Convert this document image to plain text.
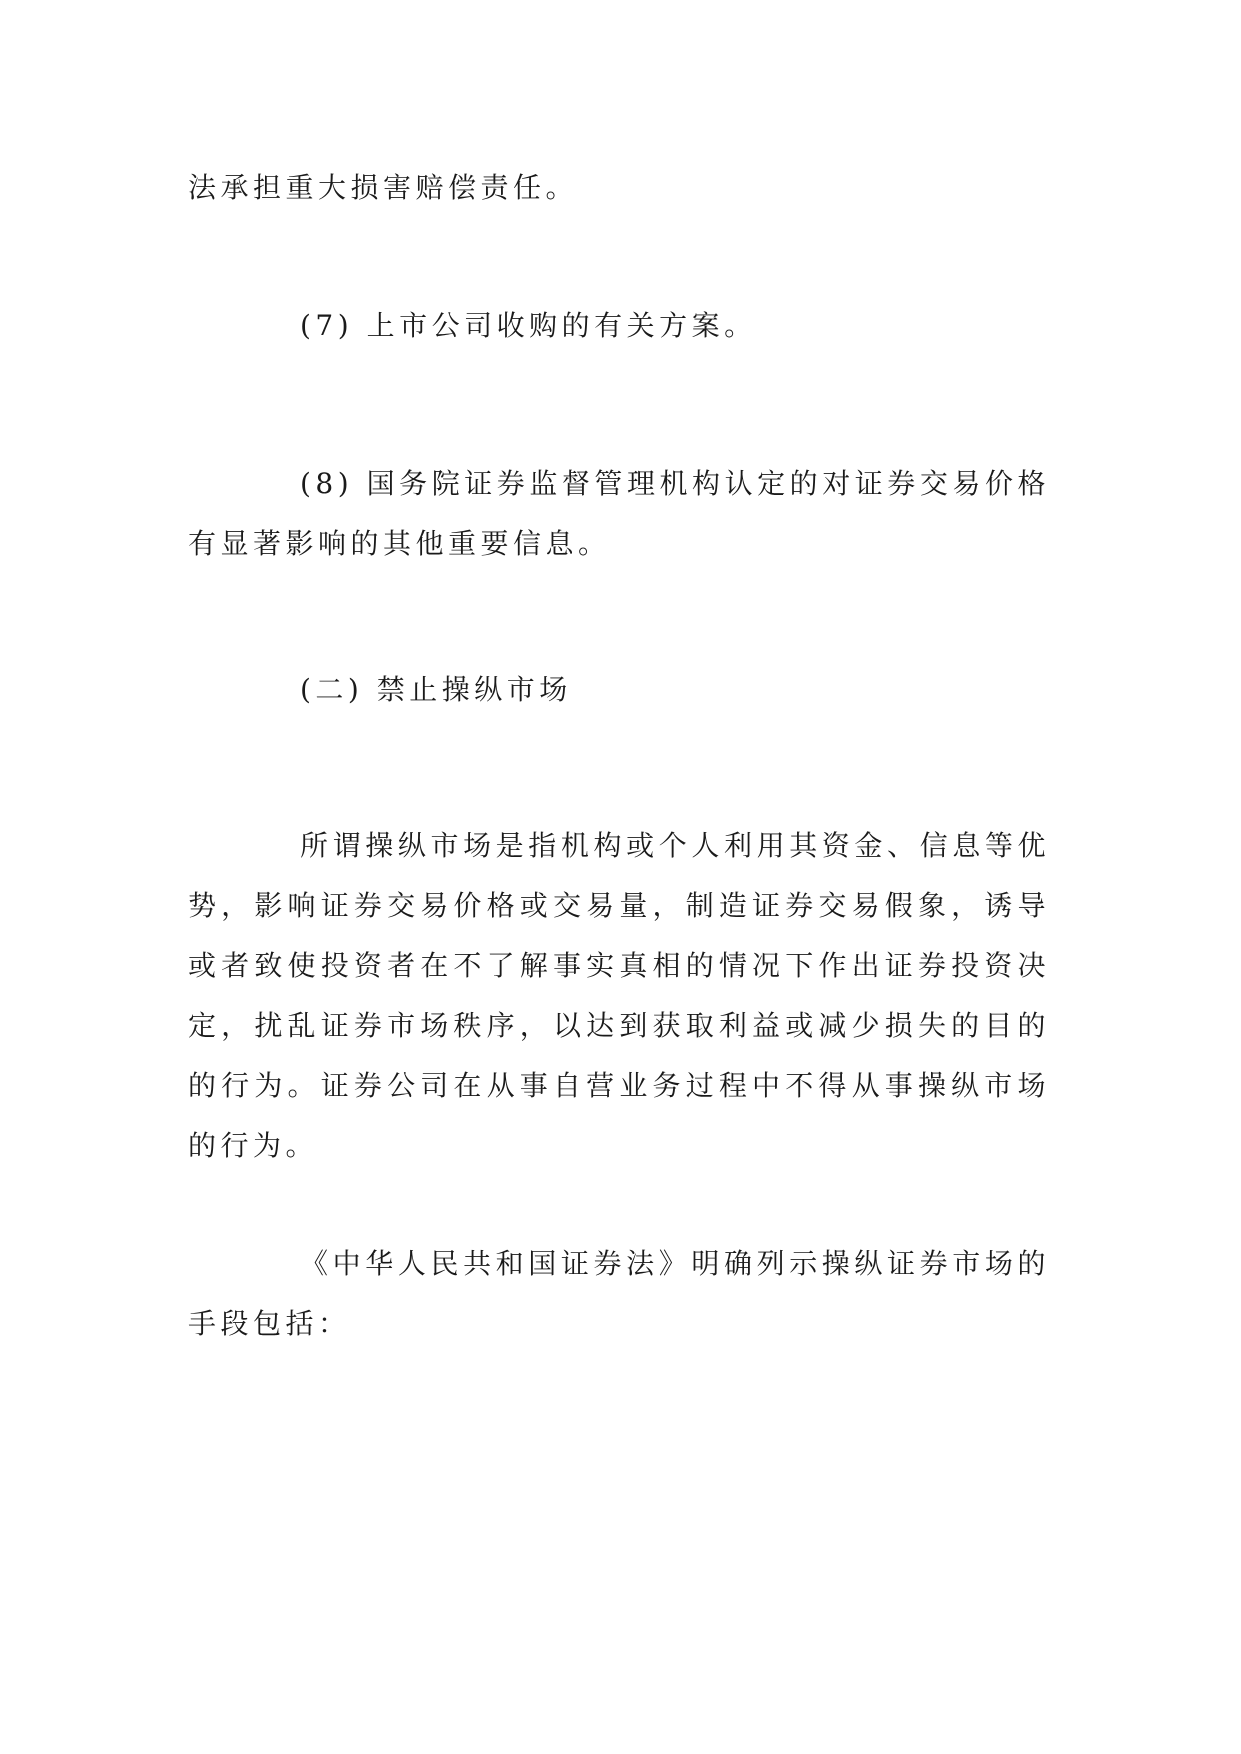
法承担重大损害赔偿责任。

(7) 上市公司收购的有关方案。

(8) 国务院证券监督管理机构认定的对证券交易价格有显著影响的其他重要信息。

(二) 禁止操纵市场

所谓操纵市场是指机构或个人利用其资金、信息等优势，影响证券交易价格或交易量，制造证券交易假象，诱导或者致使投资者在不了解事实真相的情况下作出证券投资决定，扰乱证券市场秩序，以达到获取利益或减少损失的目的的行为。证券公司在从事自营业务过程中不得从事操纵市场的行为。

《中华人民共和国证券法》明确列示操纵证券市场的手段包括：
